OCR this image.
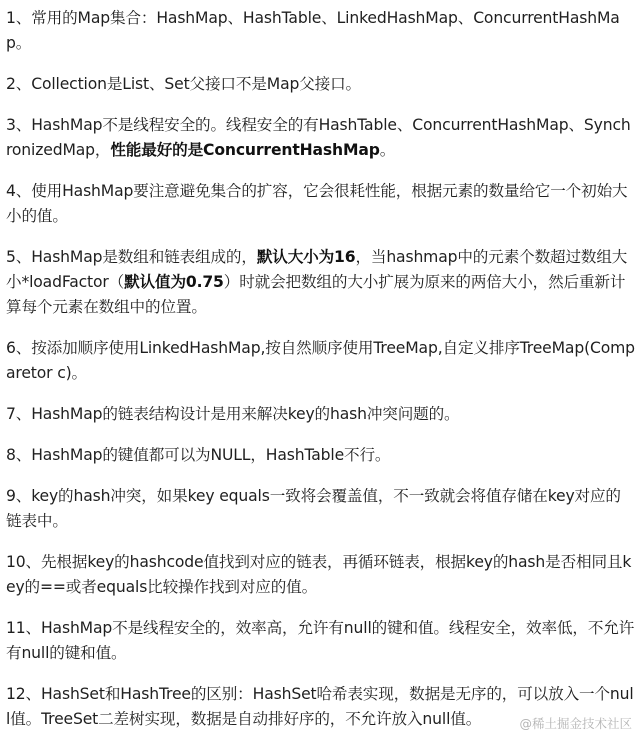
1、常用的Map集合：HashMap、HashTable、LinkedHashMap、ConcurrentHashMap。

2、Collection是List、Set父接口不是Map父接口。

3、HashMap不是线程安全的。线程安全的有HashTable、ConcurrentHashMap、SynchronizedMap，性能最好的是ConcurrentHashMap。

4、使用HashMap要注意避免集合的扩容，它会很耗性能，根据元素的数量给它一个初始大小的值。

5、HashMap是数组和链表组成的，默认大小为16，当hashmap中的元素个数超过数组大小*loadFactor（默认值为0.75）时就会把数组的大小扩展为原来的两倍大小，然后重新计算每个元素在数组中的位置。

6、按添加顺序使用LinkedHashMap,按自然顺序使用TreeMap,自定义排序TreeMap(Comparetor c)。

7、HashMap的链表结构设计是用来解决key的hash冲突问题的。

8、HashMap的键值都可以为NULL，HashTable不行。

9、key的hash冲突，如果key equals一致将会覆盖值，不一致就会将值存储在key对应的链表中。

10、先根据key的hashcode值找到对应的链表，再循环链表，根据key的hash是否相同且key的==或者equals比较操作找到对应的值。

11、HashMap不是线程安全的，效率高，允许有null的键和值。线程安全，效率低，不允许有null的键和值。

12、HashSet和HashTree的区别：HashSet哈希表实现，数据是无序的，可以放入一个null值。TreeSet二差树实现，数据是自动排好序的，不允许放入null值。	@稀土掘金技术社区
